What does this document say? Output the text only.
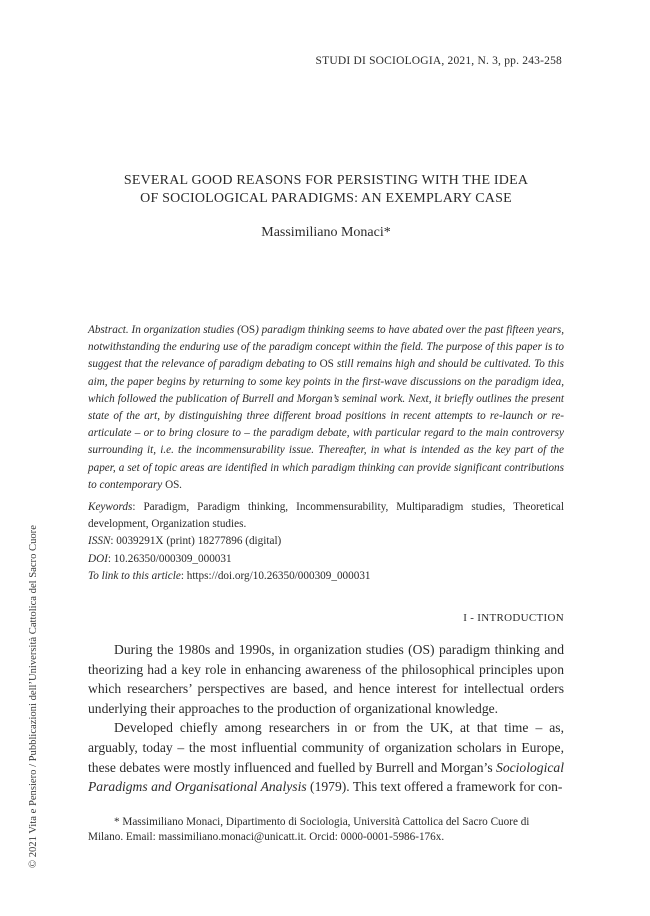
STUDI DI SOCIOLOGIA, 2021, N. 3, pp. 243-258
SEVERAL GOOD REASONS FOR PERSISTING WITH THE IDEA
OF SOCIOLOGICAL PARADIGMS: AN EXEMPLARY CASE
Massimiliano Monaci*
Abstract. In organization studies (OS) paradigm thinking seems to have abated over the past fifteen years, notwithstanding the enduring use of the paradigm concept within the field. The purpose of this paper is to suggest that the relevance of paradigm debating to OS still remains high and should be cultivated. To this aim, the paper begins by returning to some key points in the first-wave discussions on the paradigm idea, which followed the publication of Burrell and Morgan’s seminal work. Next, it briefly outlines the present state of the art, by distinguishing three different broad positions in recent attempts to re-launch or re-articulate – or to bring closure to – the paradigm debate, with particular regard to the main controversy surrounding it, i.e. the incommensurability issue. Thereafter, in what is intended as the key part of the paper, a set of topic areas are identified in which paradigm thinking can provide significant contributions to contemporary OS.
Keywords: Paradigm, Paradigm thinking, Incommensurability, Multiparadigm studies, Theoretical development, Organization studies.
ISSN: 0039291X (print) 18277896 (digital)
DOI: 10.26350/000309_000031
To link to this article: https://doi.org/10.26350/000309_000031
I - INTRODUCTION

During the 1980s and 1990s, in organization studies (OS) paradigm thinking and theorizing had a key role in enhancing awareness of the philosophical principles upon which researchers’ perspectives are based, and hence interest for intellectual orders underlying their approaches to the production of organizational knowledge.

Developed chiefly among researchers in or from the UK, at that time – as, arguably, today – the most influential community of organization scholars in Europe, these debates were mostly influenced and fuelled by Burrell and Morgan’s Sociological Paradigms and Organisational Analysis (1979). This text offered a framework for con-

* Massimiliano Monaci, Dipartimento di Sociologia, Università Cattolica del Sacro Cuore di
Milano. Email: massimiliano.monaci@unicatt.it. Orcid: 0000-0001-5986-176x.
© 2021 Vita e Pensiero / Pubblicazioni dell’Università Cattolica del Sacro Cuore
